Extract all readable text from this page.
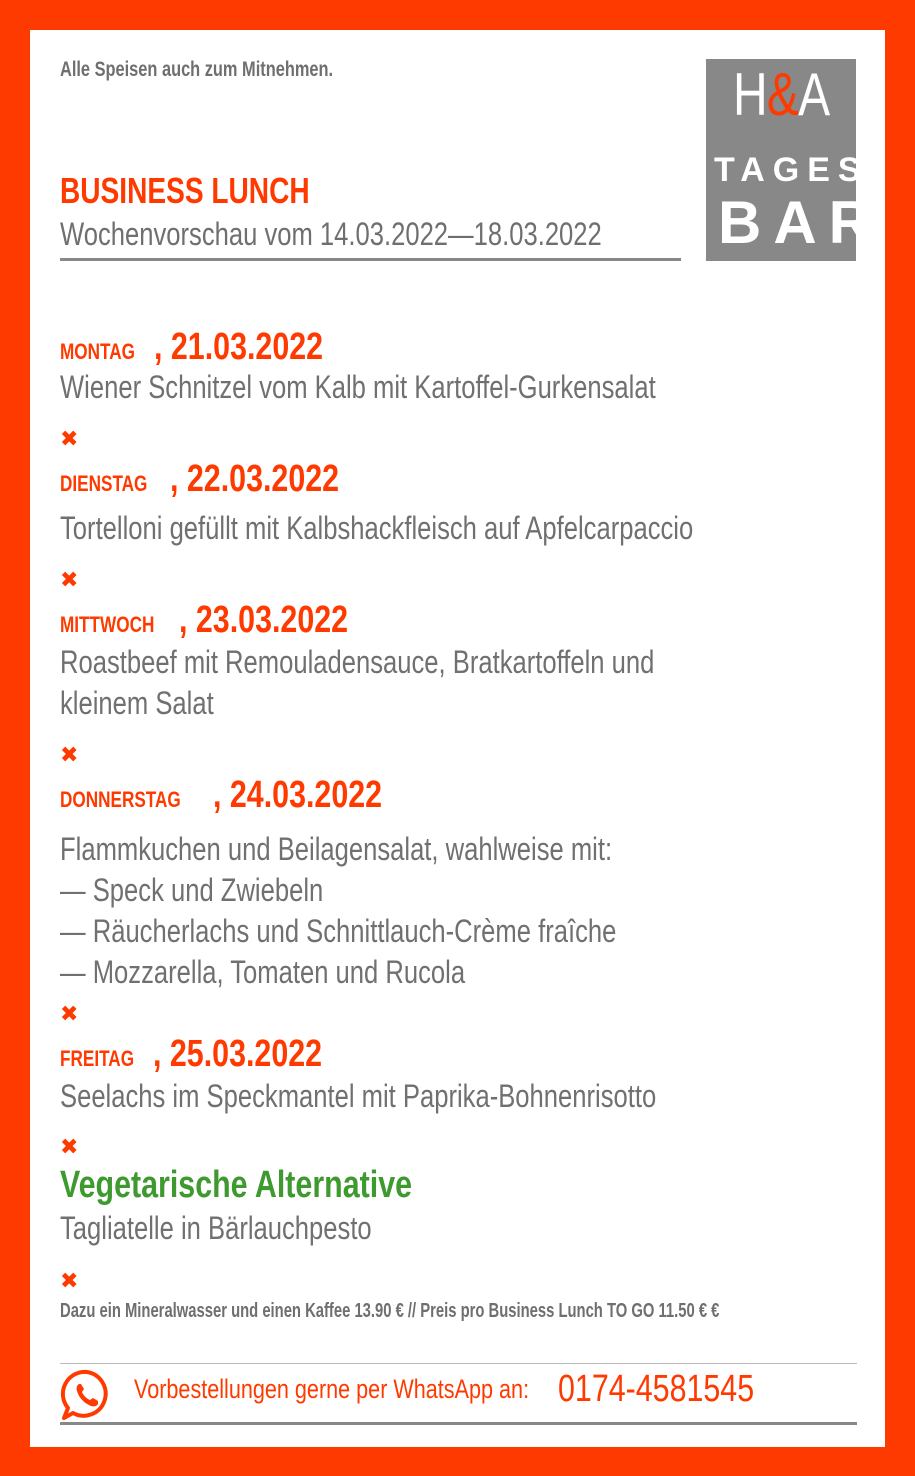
Alle Speisen auch zum Mitnehmen.	H&A
TAGES
BAR
BUSINESS LUNCH
Wochenvorschau vom 14.03.2022—18.03.2022
MONTAG , 21.03.2022
Wiener Schnitzel vom Kalb mit Kartoffel-Gurkensalat
✖
DIENSTAG , 22.03.2022
Tortelloni gefüllt mit Kalbshackfleisch auf Apfelcarpaccio
✖
MITTWOCH , 23.03.2022
Roastbeef mit Remouladensauce, Bratkartoffeln und
kleinem Salat
✖
DONNERSTAG , 24.03.2022
Flammkuchen und Beilagensalat, wahlweise mit:
— Speck und Zwiebeln
— Räucherlachs und Schnittlauch-Crème fraîche
— Mozzarella, Tomaten und Rucola
✖
FREITAG , 25.03.2022
Seelachs im Speckmantel mit Paprika-Bohnenrisotto
✖
Vegetarische Alternative
Tagliatelle in Bärlauchpesto
✖
Dazu ein Mineralwasser und einen Kaffee 13.90 € // Preis pro Business Lunch TO GO 11.50 € €
Vorbestellungen gerne per WhatsApp an: 0174-4581545
